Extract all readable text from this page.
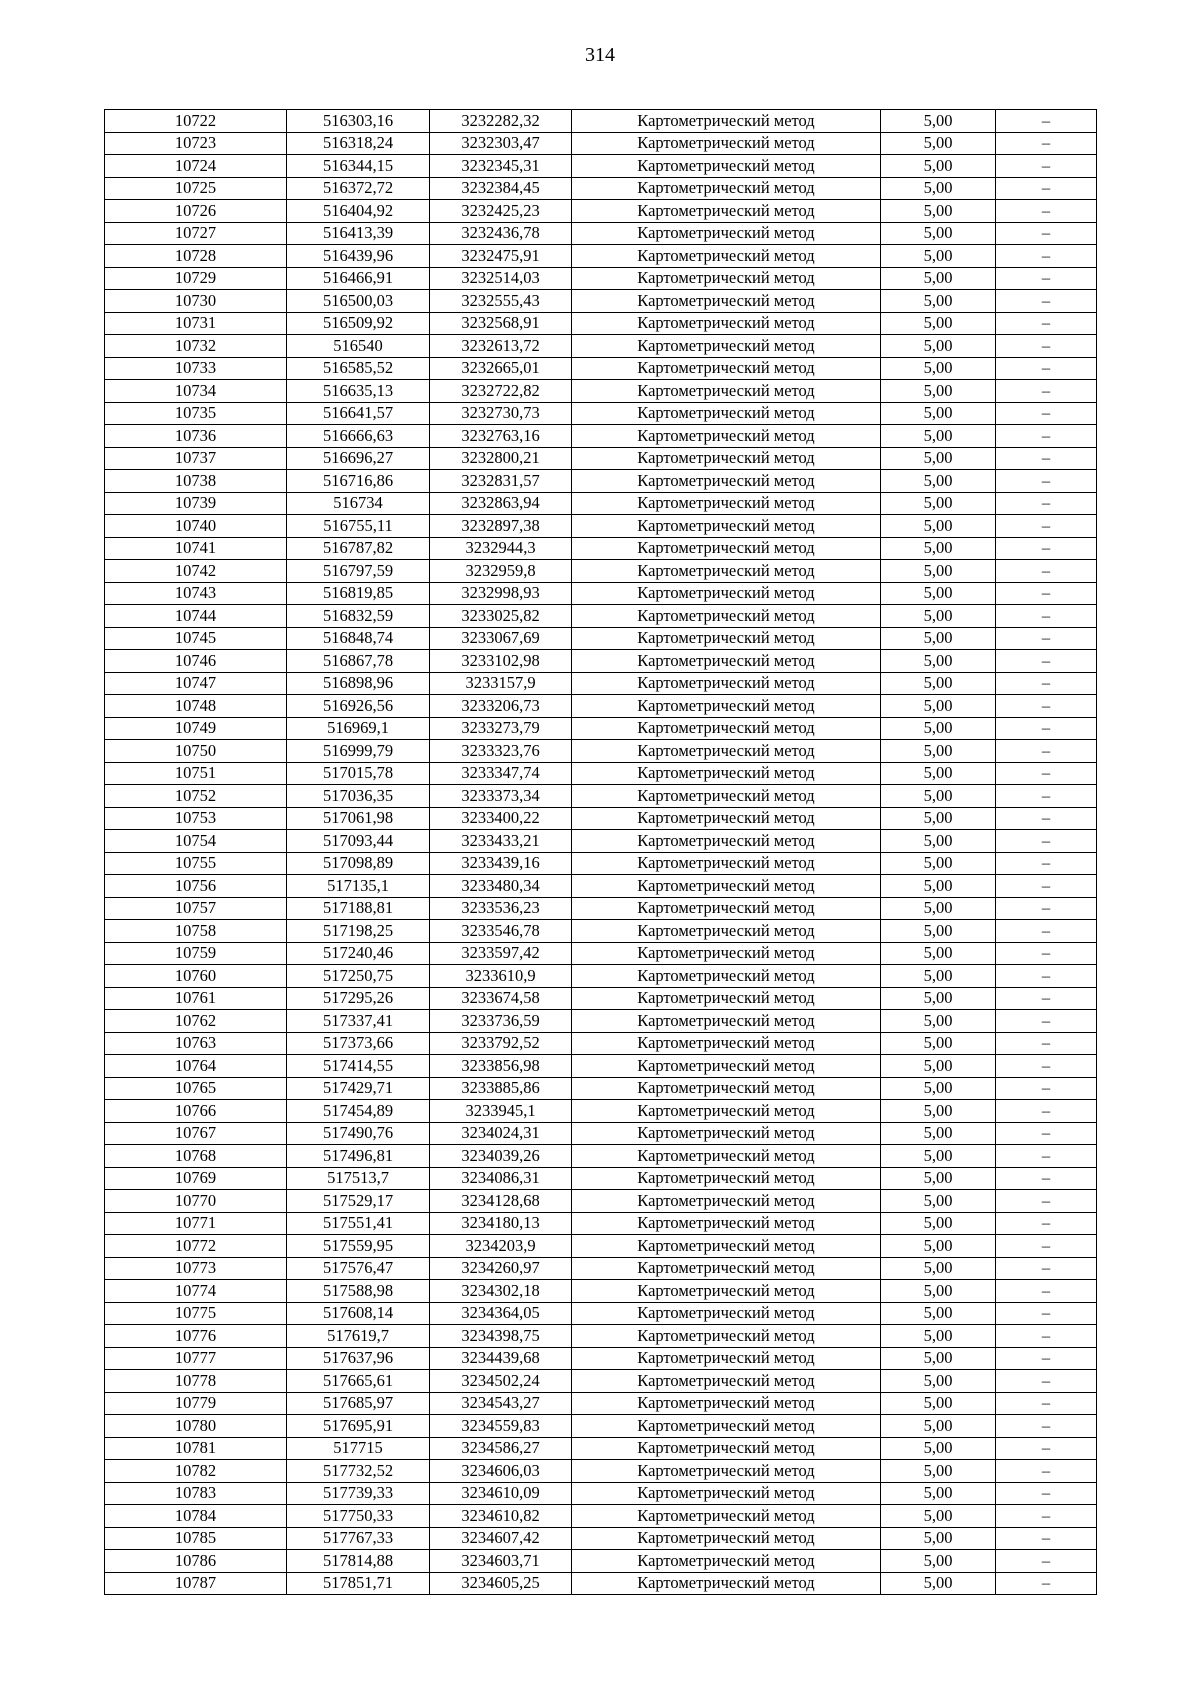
314
10722	516303,16	3232282,32	Картометрический метод	5,00	–
10723	516318,24	3232303,47	Картометрический метод	5,00	–
10724	516344,15	3232345,31	Картометрический метод	5,00	–
10725	516372,72	3232384,45	Картометрический метод	5,00	–
10726	516404,92	3232425,23	Картометрический метод	5,00	–
10727	516413,39	3232436,78	Картометрический метод	5,00	–
10728	516439,96	3232475,91	Картометрический метод	5,00	–
10729	516466,91	3232514,03	Картометрический метод	5,00	–
10730	516500,03	3232555,43	Картометрический метод	5,00	–
10731	516509,92	3232568,91	Картометрический метод	5,00	–
10732	516540	3232613,72	Картометрический метод	5,00	–
10733	516585,52	3232665,01	Картометрический метод	5,00	–
10734	516635,13	3232722,82	Картометрический метод	5,00	–
10735	516641,57	3232730,73	Картометрический метод	5,00	–
10736	516666,63	3232763,16	Картометрический метод	5,00	–
10737	516696,27	3232800,21	Картометрический метод	5,00	–
10738	516716,86	3232831,57	Картометрический метод	5,00	–
10739	516734	3232863,94	Картометрический метод	5,00	–
10740	516755,11	3232897,38	Картометрический метод	5,00	–
10741	516787,82	3232944,3	Картометрический метод	5,00	–
10742	516797,59	3232959,8	Картометрический метод	5,00	–
10743	516819,85	3232998,93	Картометрический метод	5,00	–
10744	516832,59	3233025,82	Картометрический метод	5,00	–
10745	516848,74	3233067,69	Картометрический метод	5,00	–
10746	516867,78	3233102,98	Картометрический метод	5,00	–
10747	516898,96	3233157,9	Картометрический метод	5,00	–
10748	516926,56	3233206,73	Картометрический метод	5,00	–
10749	516969,1	3233273,79	Картометрический метод	5,00	–
10750	516999,79	3233323,76	Картометрический метод	5,00	–
10751	517015,78	3233347,74	Картометрический метод	5,00	–
10752	517036,35	3233373,34	Картометрический метод	5,00	–
10753	517061,98	3233400,22	Картометрический метод	5,00	–
10754	517093,44	3233433,21	Картометрический метод	5,00	–
10755	517098,89	3233439,16	Картометрический метод	5,00	–
10756	517135,1	3233480,34	Картометрический метод	5,00	–
10757	517188,81	3233536,23	Картометрический метод	5,00	–
10758	517198,25	3233546,78	Картометрический метод	5,00	–
10759	517240,46	3233597,42	Картометрический метод	5,00	–
10760	517250,75	3233610,9	Картометрический метод	5,00	–
10761	517295,26	3233674,58	Картометрический метод	5,00	–
10762	517337,41	3233736,59	Картометрический метод	5,00	–
10763	517373,66	3233792,52	Картометрический метод	5,00	–
10764	517414,55	3233856,98	Картометрический метод	5,00	–
10765	517429,71	3233885,86	Картометрический метод	5,00	–
10766	517454,89	3233945,1	Картометрический метод	5,00	–
10767	517490,76	3234024,31	Картометрический метод	5,00	–
10768	517496,81	3234039,26	Картометрический метод	5,00	–
10769	517513,7	3234086,31	Картометрический метод	5,00	–
10770	517529,17	3234128,68	Картометрический метод	5,00	–
10771	517551,41	3234180,13	Картометрический метод	5,00	–
10772	517559,95	3234203,9	Картометрический метод	5,00	–
10773	517576,47	3234260,97	Картометрический метод	5,00	–
10774	517588,98	3234302,18	Картометрический метод	5,00	–
10775	517608,14	3234364,05	Картометрический метод	5,00	–
10776	517619,7	3234398,75	Картометрический метод	5,00	–
10777	517637,96	3234439,68	Картометрический метод	5,00	–
10778	517665,61	3234502,24	Картометрический метод	5,00	–
10779	517685,97	3234543,27	Картометрический метод	5,00	–
10780	517695,91	3234559,83	Картометрический метод	5,00	–
10781	517715	3234586,27	Картометрический метод	5,00	–
10782	517732,52	3234606,03	Картометрический метод	5,00	–
10783	517739,33	3234610,09	Картометрический метод	5,00	–
10784	517750,33	3234610,82	Картометрический метод	5,00	–
10785	517767,33	3234607,42	Картометрический метод	5,00	–
10786	517814,88	3234603,71	Картометрический метод	5,00	–
10787	517851,71	3234605,25	Картометрический метод	5,00	–
